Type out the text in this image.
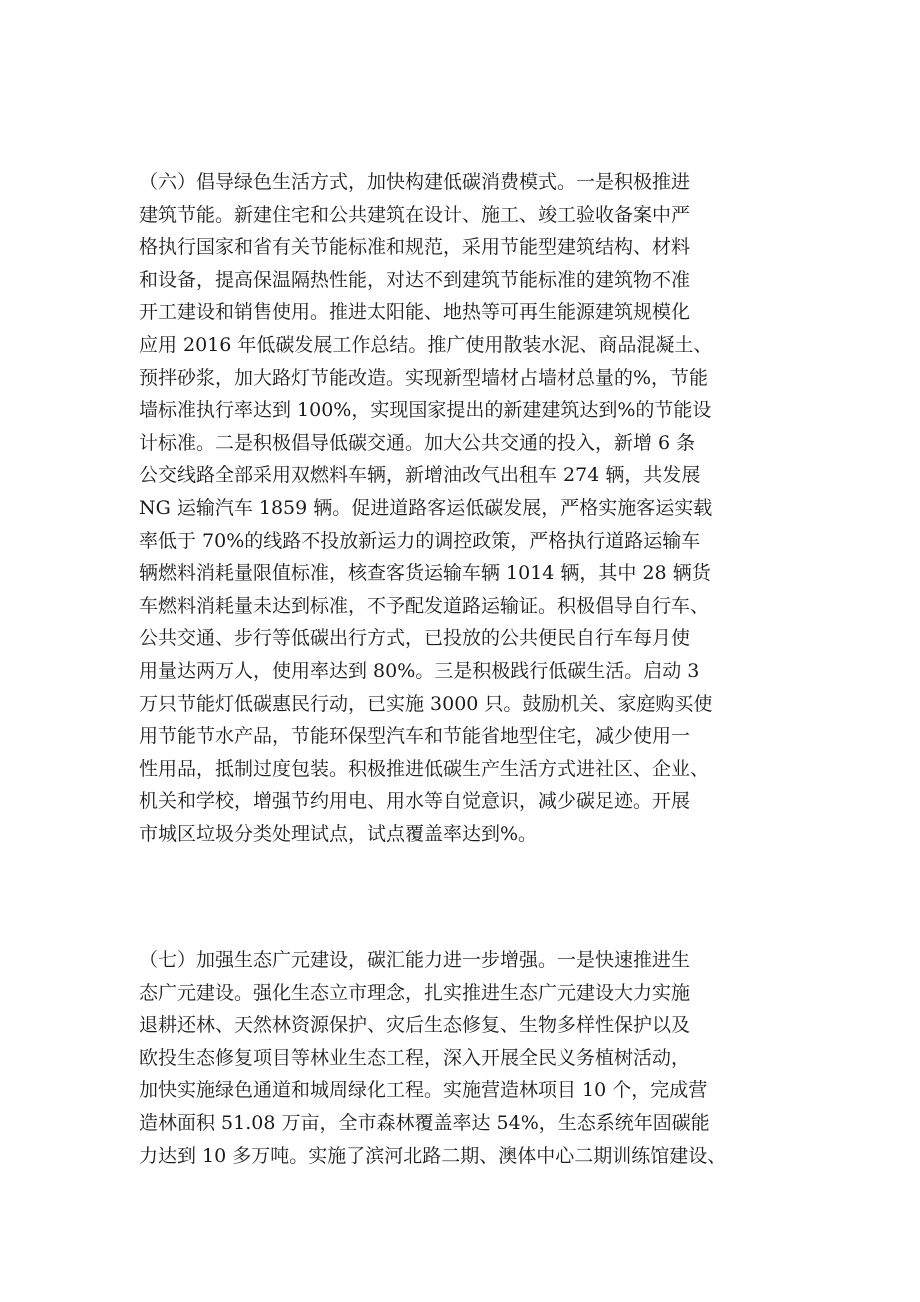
（六）倡导绿色生活方式，加快构建低碳消费模式。一是积极推进
建筑节能。新建住宅和公共建筑在设计、施工、竣工验收备案中严
格执行国家和省有关节能标准和规范，采用节能型建筑结构、材料
和设备，提高保温隔热性能，对达不到建筑节能标准的建筑物不准
开工建设和销售使用。推进太阳能、地热等可再生能源建筑规模化
应用 2016 年低碳发展工作总结。推广使用散装水泥、商品混凝土、
预拌砂浆，加大路灯节能改造。实现新型墙材占墙材总量的%，节能
墙标准执行率达到 100%，实现国家提出的新建建筑达到%的节能设
计标准。二是积极倡导低碳交通。加大公共交通的投入，新增 6 条
公交线路全部采用双燃料车辆，新增油改气出租车 274 辆，共发展
NG 运输汽车 1859 辆。促进道路客运低碳发展，严格实施客运实载
率低于 70%的线路不投放新运力的调控政策，严格执行道路运输车
辆燃料消耗量限值标准，核查客货运输车辆 1014 辆，其中 28 辆货
车燃料消耗量未达到标准，不予配发道路运输证。积极倡导自行车、
公共交通、步行等低碳出行方式，已投放的公共便民自行车每月使
用量达两万人，使用率达到 80%。三是积极践行低碳生活。启动 3
万只节能灯低碳惠民行动，已实施 3000 只。鼓励机关、家庭购买使
用节能节水产品，节能环保型汽车和节能省地型住宅，减少使用一
性用品，抵制过度包装。积极推进低碳生产生活方式进社区、企业、
机关和学校，增强节约用电、用水等自觉意识，减少碳足迹。开展
市城区垃圾分类处理试点，试点覆盖率达到%。
（七）加强生态广元建设，碳汇能力进一步增强。一是快速推进生
态广元建设。强化生态立市理念，扎实推进生态广元建设大力实施
退耕还林、天然林资源保护、灾后生态修复、生物多样性保护以及
欧投生态修复项目等林业生态工程，深入开展全民义务植树活动，
加快实施绿色通道和城周绿化工程。实施营造林项目 10 个，完成营
造林面积 51.08 万亩，全市森林覆盖率达 54%，生态系统年固碳能
力达到 10 多万吨。实施了滨河北路二期、澳体中心二期训练馆建设、
